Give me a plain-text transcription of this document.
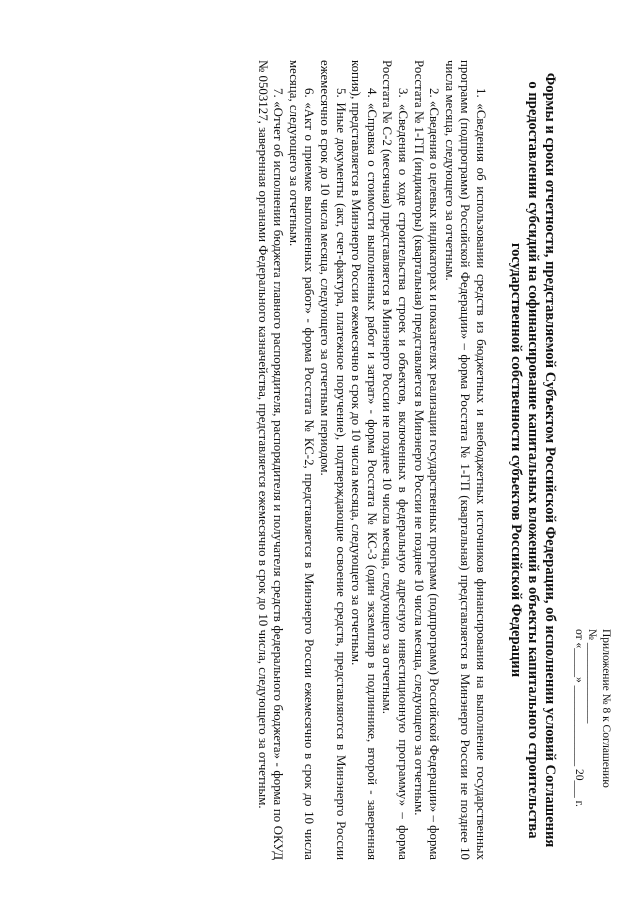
Приложение № 8 к Соглашению
№ ______________
от «_____» ______________ 20___ г.
Формы и сроки отчетности, представляемой Субъектом Российской Федерации, об исполнении условий Соглашения
о предоставлении субсидий на софинансирование капитальных вложений в объекты капитального строительства
государственной собственности субъектов Российской Федерации

1. «Сведения об использовании средств из бюджетных и внебюджетных источников финансирования на выполнение государственных программ (подпрограмм) Российской Федерации» – форма Росстата № 1-ГП (квартальная) представляется в Минэнерго России не позднее 10 числа месяца, следующего за отчетным.

2. «Сведения о целевых индикаторах и показателях реализации государственных программ (подпрограмм) Российской Федерации» – форма Росстата № 1-ГП (индикаторы) (квартальная) представляется в Минэнерго России не позднее 10 числа месяца, следующего за отчетным.

3. «Сведения о ходе строительства строек и объектов, включенных в федеральную адресную инвестиционную программу» – форма Росстата № С-2 (месячная) представляется в Минэнерго России не позднее 10 числа месяца, следующего за отчетным.

4. «Справка о стоимости выполненных работ и затрат» - форма Росстата № КС-3 (один экземпляр в подлиннике, второй - заверенная копия), представляется в Минэнерго России ежемесячно в срок до 10 числа месяца, следующего за отчетным.

5. Иные документы (акт, счет-фактура, платежное поручение), подтверждающие освоение средств, представляются в Минэнерго России ежемесячно в срок до 10 числа месяца, следующего за отчетным периодом.

6. «Акт о приемке выполненных работ» - форма Росстата № КС-2, представляется в Минэнерго России ежемесячно в срок до 10 числа месяца, следующего за отчетным.

7. «Отчет об исполнении бюджета главного распорядителя, распорядителя и получателя средств федерального бюджета» - форма по ОКУД № 0503127, заверенная органами Федерального казначейства, представляется ежемесячно в срок до 10 числа, следующего за отчетным.
